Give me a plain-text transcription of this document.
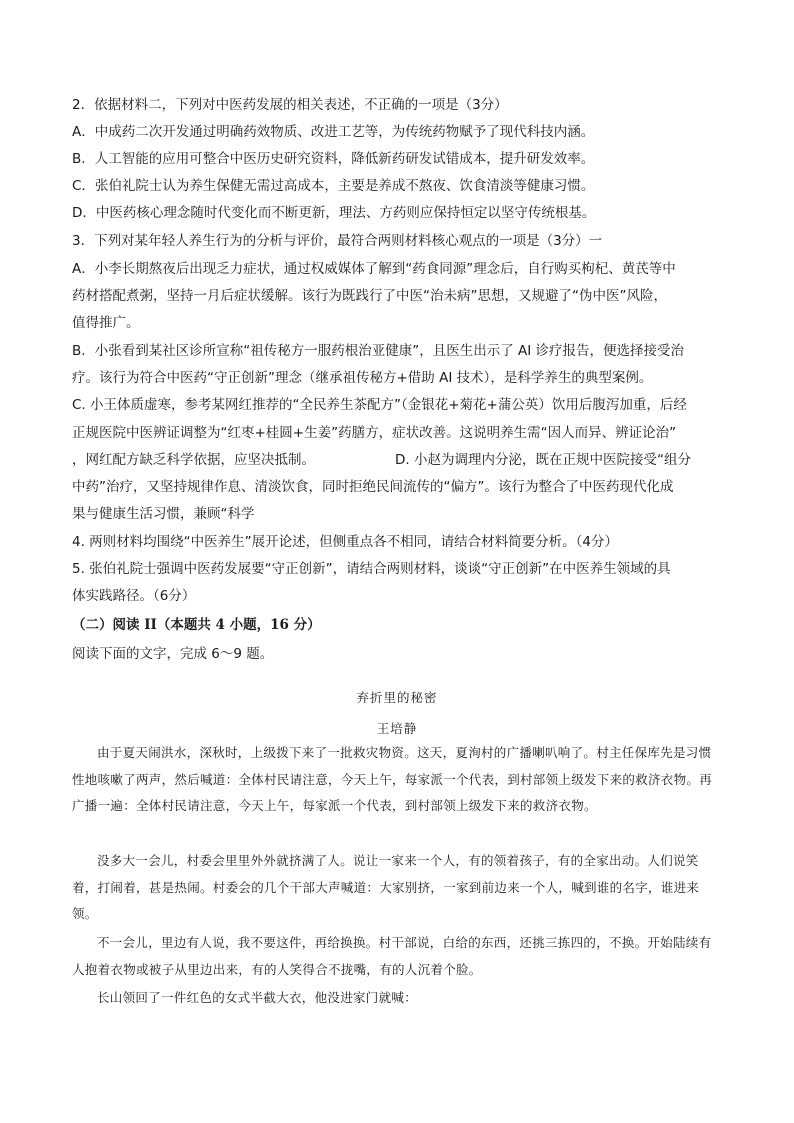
2．依据材料二，下列对中医药发展的相关表述，不正确的一项是（3分）

A．中成药二次开发通过明确药效物质、改进工艺等，为传统药物赋予了现代科技内涵。

B．人工智能的应用可整合中医历史研究资料，降低新药研发试错成本，提升研发效率。

C．张伯礼院士认为养生保健无需过高成本，主要是养成不熬夜、饮食清淡等健康习惯。

D．中医药核心理念随时代变化而不断更新，理法、方药则应保持恒定以坚守传统根基。

3．下列对某年轻人养生行为的分析与评价，最符合两则材料核心观点的一项是（3分）一

A．小李长期熬夜后出现乏力症状，通过权威媒体了解到“药食同源”理念后，自行购买枸杞、黄芪等中

药材搭配煮粥，坚持一月后症状缓解。该行为既践行了中医“治未病”思想，又规避了“伪中医”风险，

值得推广。

B．小张看到某社区诊所宣称“祖传秘方一服药根治亚健康”，且医生出示了 AI 诊疗报告，便选择接受治

疗。该行为符合中医药“守正创新”理念（继承祖传秘方+借助 AI 技术），是科学养生的典型案例。

C. 小王体质虚寒，参考某网红推荐的“全民养生茶配方”（金银花+菊花+蒲公英）饮用后腹泻加重，后经

正规医院中医辨证调整为“红枣+桂圆+生姜”药膳方，症状改善。这说明养生需“因人而异、辨证论治”

，网红配方缺乏科学依据，应坚决抵制。	D. 小赵为调理内分泌，既在正规中医院接受“组分

中药”治疗，又坚持规律作息、清淡饮食，同时拒绝民间流传的“偏方”。该行为整合了中医药现代化成

果与健康生活习惯，兼顾“科学

4. 两则材料均围绕“中医养生”展开论述，但侧重点各不相同，请结合材料简要分析。（4分）

5. 张伯礼院士强调中医药发展要“守正创新”，请结合两则材料，谈谈“守正创新”在中医养生领域的具

体实践路径。（6分）

（二）阅读 II（本题共 4 小题，16 分）

阅读下面的文字，完成 6～9 题。

弃折里的秘密

王培静

由于夏天闹洪水，深秋时，上级拨下来了一批救灾物资。这天，夏洵村的广播喇叭响了。村主任保库先是习惯性地咳嗽了两声，然后喊道：全体村民请注意，今天上午，每家派一个代表，到村部领上级发下来的救济衣物。再广播一遍：全体村民请注意，今天上午，每家派一个代表，到村部领上级发下来的救济衣物。

没多大一会儿，村委会里里外外就挤满了人。说让一家来一个人，有的领着孩子，有的全家出动。人们说笑着，打闹着，甚是热闹。村委会的几个干部大声喊道：大家别挤，一家到前边来一个人，喊到谁的名字，谁进来领。

不一会儿，里边有人说，我不要这件，再给换换。村干部说，白给的东西，还挑三拣四的，不换。开始陆续有人抱着衣物或被子从里边出来，有的人笑得合不拢嘴，有的人沉着个脸。

长山领回了一件红色的女式半截大衣，他没进家门就喊：
